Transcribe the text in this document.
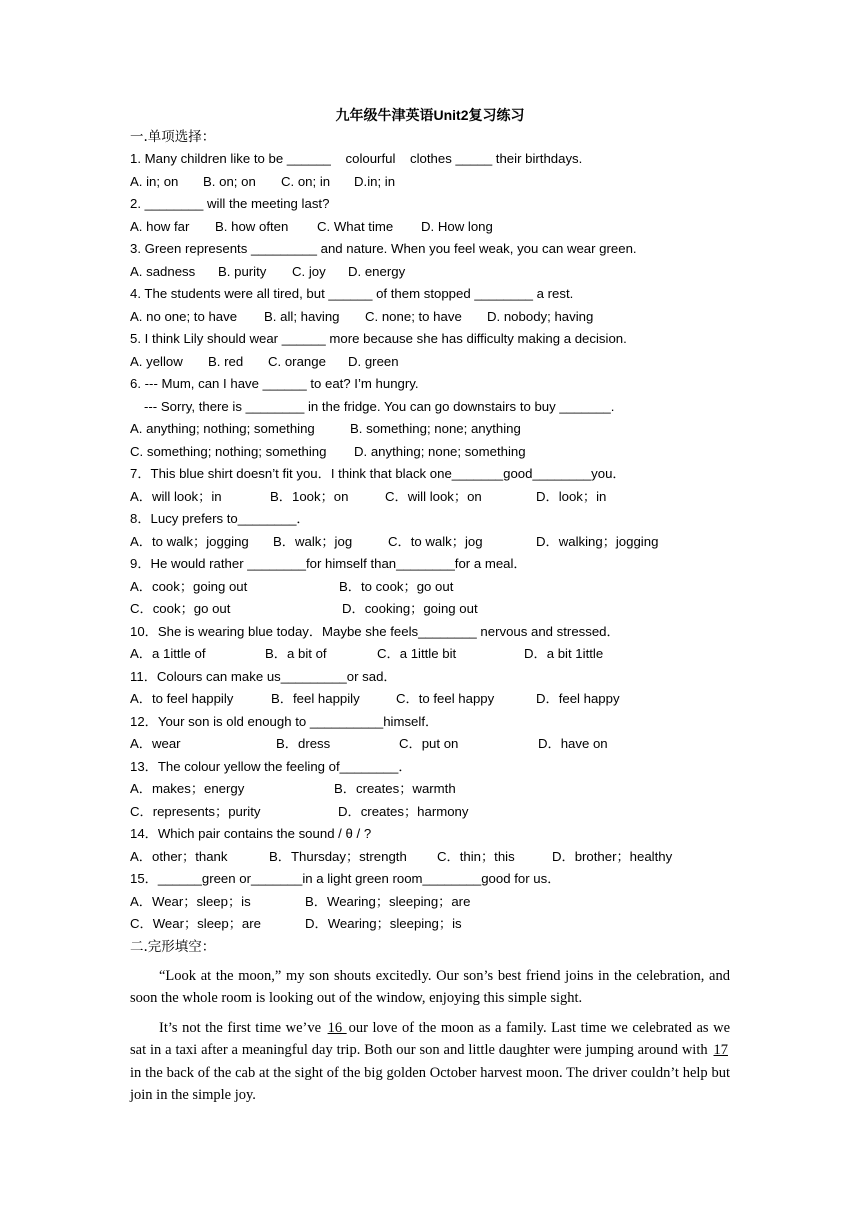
九年级牛津英语Unit2复习练习
一.单项选择：
1. Many children like to be ______    colourful    clothes _____ their birthdays.

A. in; on

B. on; on

C. on; in

D.in; in

2. ________ will the meeting last?

A. how far

B. how often

C. What time

D. How long

3. Green represents _________ and nature. When you feel weak, you can wear green.

A. sadness

B. purity

C. joy

D. energy

4. The students were all tired, but ______ of them stopped ________ a rest.

A. no one; to have

B. all; having

C. none; to have

D. nobody; having

5. I think Lily should wear ______ more because she has difficulty making a decision.

A. yellow

B. red

C. orange

D. green

6. --- Mum, can I have ______ to eat? I’m hungry.
--- Sorry, there is ________ in the fridge. You can go downstairs to buy _______.

A. anything; nothing; something

	B. something; none; anything

C. something; nothing; something

D. anything; none; something

7．This blue shirt doesn’t fit you．I think that black one_______good________you．

A．will look；in

	B．1ook；on

	C．will look；on

	D．look；in

8．Lucy prefers to________．

A．to walk；jogging

B．walk；jog

	C．to walk；jog

	D．walking；jogging

9．He would rather ________for himself than________for a meal．

A．cook；going out

	B．to cook；go out

C．cook；go out

	D．cooking；going out

10．She is wearing blue today．Maybe she feels________ nervous and stressed．

A．a 1ittle of

	B．a bit of

	C．a 1ittle bit

	D．a bit 1ittle

11．Colours can make us_________or sad．

A．to feel happily

	B．feel happily

	C．to feel happy

	D．feel happy

12．Your son is old enough to __________himself．

A．wear

	B．dress

	C．put on

	D．have on

13．The colour yellow the feeling of________．

A．makes；energy

	B．creates；warmth

C．represents；purity

	D．creates；harmony

14．Which pair contains the sound / θ / ?

A．other；thank

	B．Thursday；strength

C．thin；this

	D．brother；healthy

15．______green or_______in a light green room________good for us．

A．Wear；sleep；is

	B．Wearing；sleeping；are

C．Wear；sleep；are

	D．Wearing；sleeping；is

二.完形填空：
“Look at the moon,” my son shouts excitedly. Our son’s best friend joins in the celebration, and soon the whole room is looking out of the window, enjoying this simple sight.
It’s not the first time we’ve 16 our love of the moon as a family. Last time we celebrated as we sat in a taxi after a meaningful day trip. Both our son and little daughter were jumping around with 17 in the back of the cab at the sight of the big golden October harvest moon. The driver couldn’t help but join in the simple joy.
